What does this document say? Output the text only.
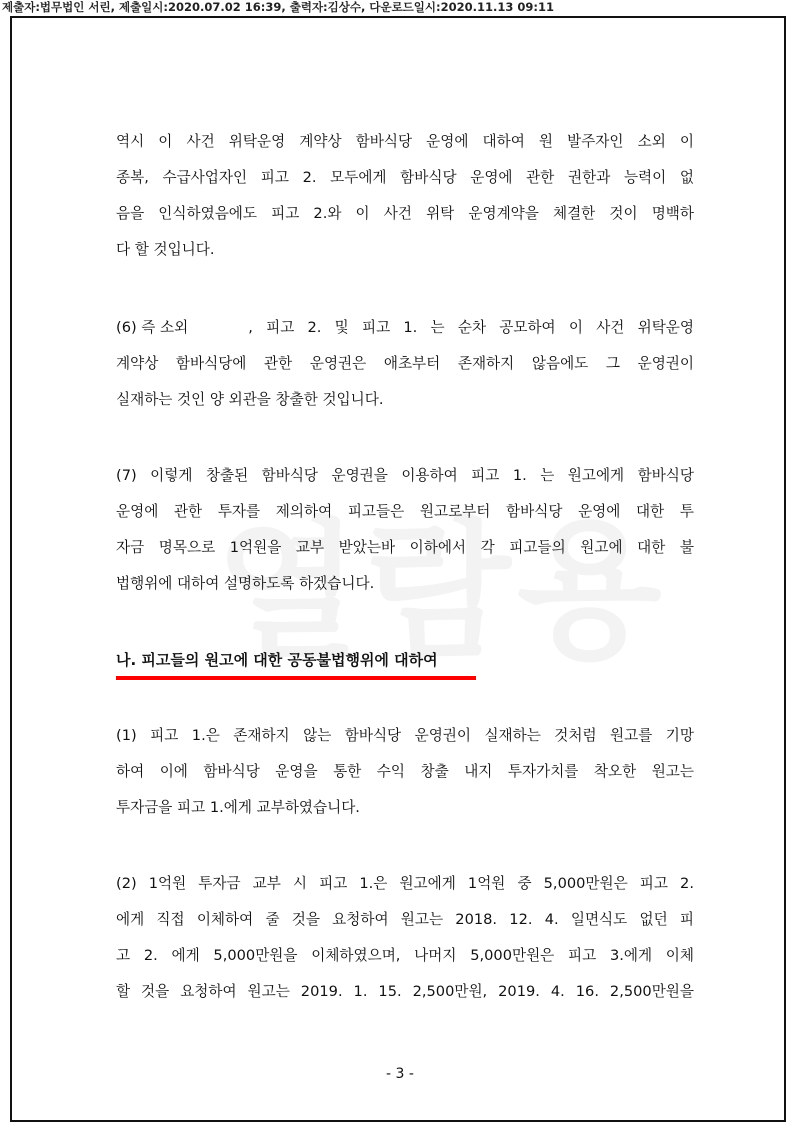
제출자:법무법인 서린, 제출일시:2020.07.02 16:39, 출력자:김상수, 다운로드일시:2020.11.13 09:11
역시 이 사건 위탁운영 계약상 함바식당 운영에 대하여 원 발주자인 소외 이
종복, 수급사업자인 피고 2. 모두에게 함바식당 운영에 관한 권한과 능력이 없
음을 인식하였음에도 피고 2.와 이 사건 위탁 운영계약을 체결한 것이 명백하
다 할 것입니다.
(6) 즉 소외	, 피고 2. 및 피고 1. 는 순차 공모하여 이 사건 위탁운영
계약상 함바식당에 관한 운영권은 애초부터 존재하지 않음에도 그 운영권이
실재하는 것인 양 외관을 창출한 것입니다.
(7) 이렇게 창출된 함바식당 운영권을 이용하여 피고 1. 는 원고에게 함바식당
운영에 관한 투자를 제의하여 피고들은 원고로부터 함바식당 운영에 대한 투
자금 명목으로 1억원을 교부 받았는바 이하에서 각 피고들의 원고에 대한 불
법행위에 대하여 설명하도록 하겠습니다.
나. 피고들의 원고에 대한 공동불법행위에 대하여
(1) 피고 1.은 존재하지 않는 함바식당 운영권이 실재하는 것처럼 원고를 기망
하여 이에 함바식당 운영을 통한 수익 창출 내지 투자가치를 착오한 원고는
투자금을 피고 1.에게 교부하였습니다.
(2) 1억원 투자금 교부 시 피고 1.은 원고에게 1억원 중 5,000만원은 피고 2.
에게 직접 이체하여 줄 것을 요청하여 원고는 2018. 12. 4. 일면식도 없던 피
고 2. 에게 5,000만원을 이체하였으며, 나머지 5,000만원은 피고 3.에게 이체
할 것을 요청하여 원고는 2019. 1. 15. 2,500만원, 2019. 4. 16. 2,500만원을
- 3 -
